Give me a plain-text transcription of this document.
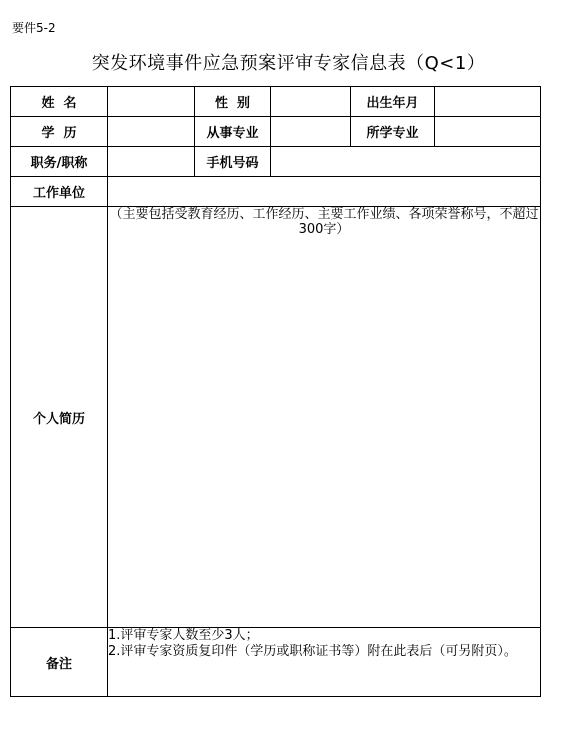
要件5-2
突发环境事件应急预案评审专家信息表（Q<1）
姓  名		性  别		出生年月	
学  历		从事专业		所学专业	
职务/职称		手机号码			
工作单位					
个人简历	（主要包括受教育经历、工作经历、主要工作业绩、各项荣誉称号，不超过300字）				
备注	1.评审专家人数至少3人；
2.评审专家资质复印件（学历或职称证书等）附在此表后（可另附页）。				
